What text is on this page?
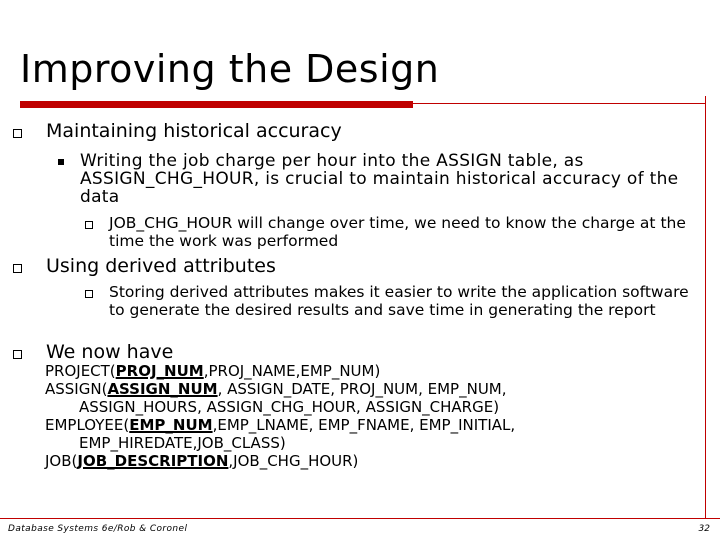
Improving the Design
Maintaining historical accuracy
Writing the job charge per hour into the ASSIGN table, as ASSIGN_CHG_HOUR, is crucial to maintain historical accuracy of the data
JOB_CHG_HOUR will change over time, we need to know the charge at the time the work was performed
Using derived attributes
Storing derived attributes makes it easier to write the application software to generate the desired results and save time in generating the report
We now have
PROJECT(PROJ_NUM,PROJ_NAME,EMP_NUM)
ASSIGN(ASSIGN_NUM, ASSIGN_DATE, PROJ_NUM, EMP_NUM,
ASSIGN_HOURS, ASSIGN_CHG_HOUR, ASSIGN_CHARGE)
EMPLOYEE(EMP_NUM,EMP_LNAME, EMP_FNAME, EMP_INITIAL,
EMP_HIREDATE,JOB_CLASS)
JOB(JOB_DESCRIPTION,JOB_CHG_HOUR)
Database Systems 6e/Rob & Coronel	32
